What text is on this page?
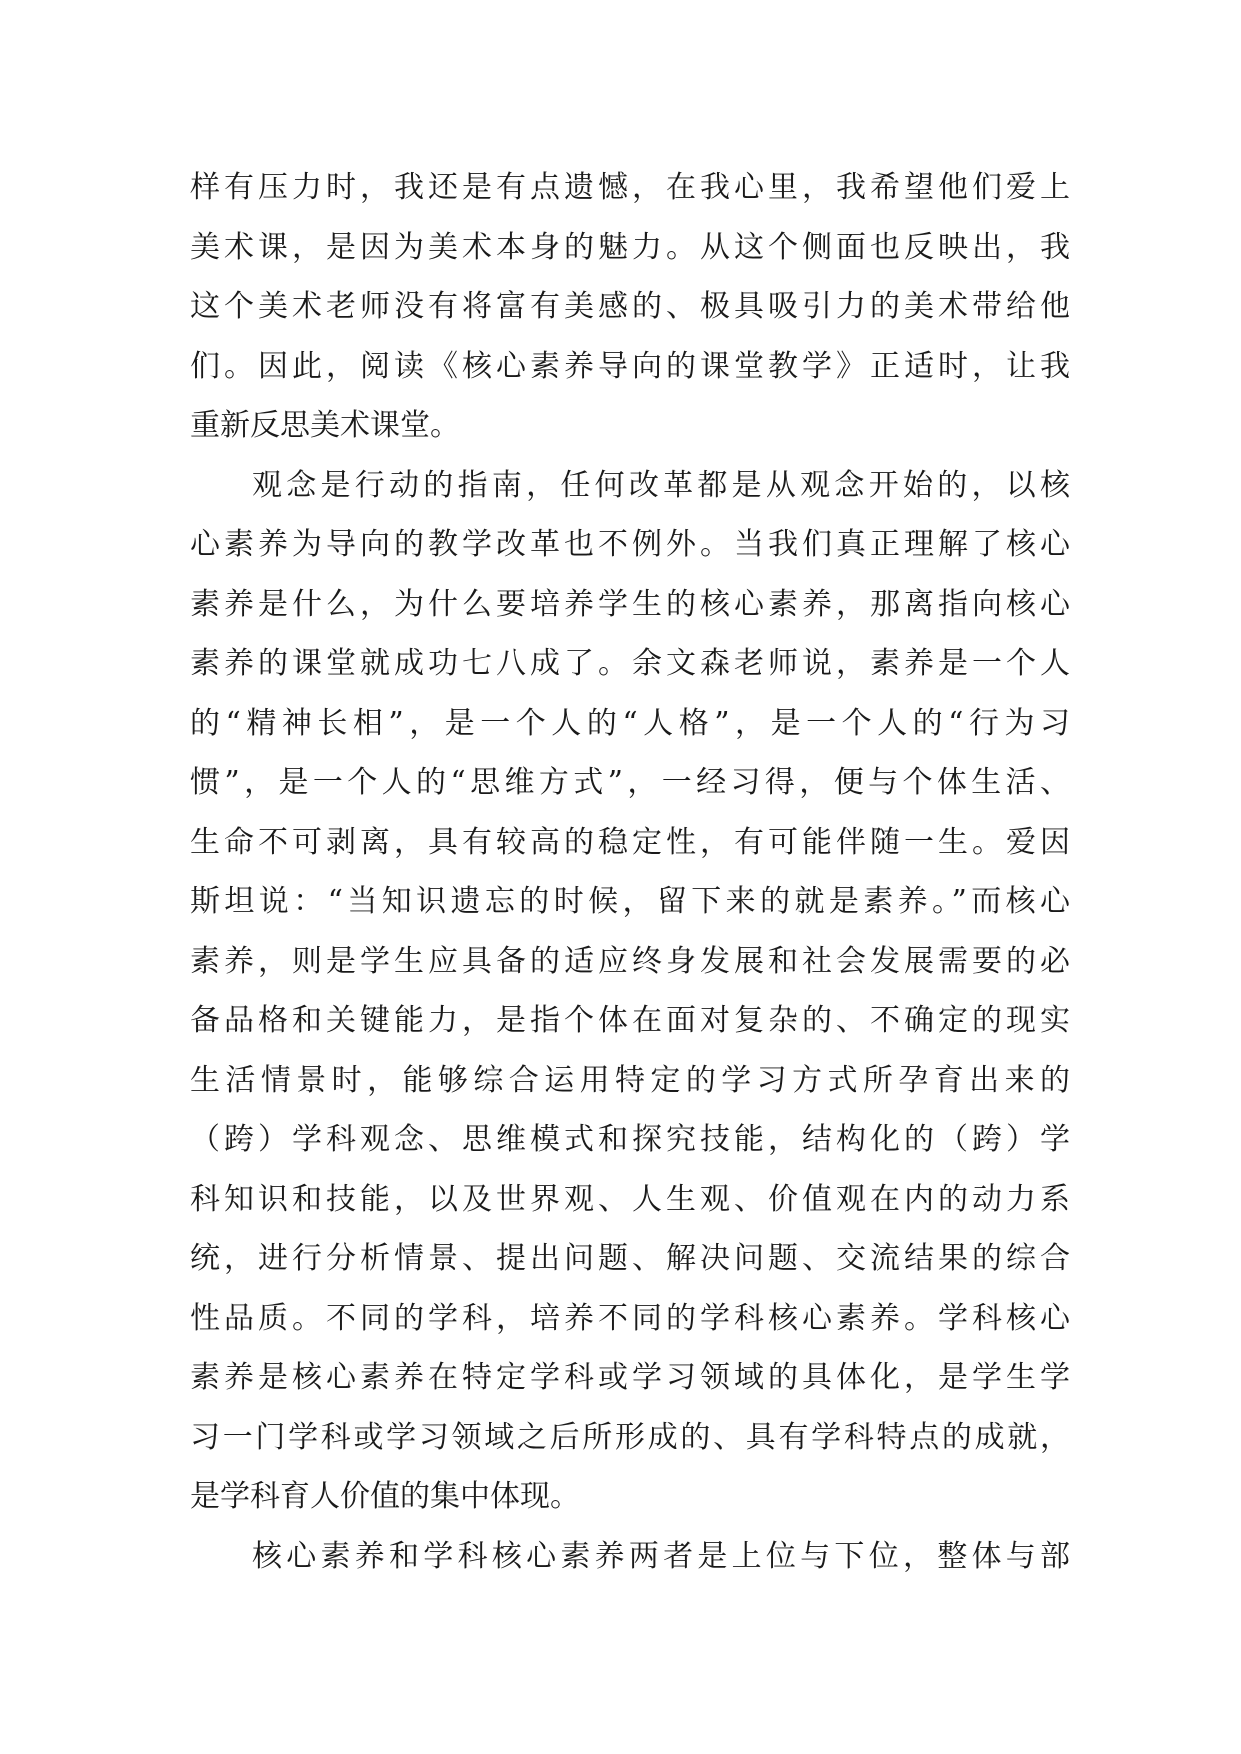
样有压力时，我还是有点遗憾，在我心里，我希望他们爱上
美术课，是因为美术本身的魅力。从这个侧面也反映出，我
这个美术老师没有将富有美感的、极具吸引力的美术带给他
们。因此，阅读《核心素养导向的课堂教学》正适时，让我
重新反思美术课堂。
观念是行动的指南，任何改革都是从观念开始的，以核
心素养为导向的教学改革也不例外。当我们真正理解了核心
素养是什么，为什么要培养学生的核心素养，那离指向核心
素养的课堂就成功七八成了。余文森老师说，素养是一个人
的“精神长相”，是一个人的“人格”，是一个人的“行为习
惯”，是一个人的“思维方式”，一经习得，便与个体生活、
生命不可剥离，具有较高的稳定性，有可能伴随一生。爱因
斯坦说：“当知识遗忘的时候，留下来的就是素养。”而核心
素养，则是学生应具备的适应终身发展和社会发展需要的必
备品格和关键能力，是指个体在面对复杂的、不确定的现实
生活情景时，能够综合运用特定的学习方式所孕育出来的
（跨）学科观念、思维模式和探究技能，结构化的（跨）学
科知识和技能，以及世界观、人生观、价值观在内的动力系
统，进行分析情景、提出问题、解决问题、交流结果的综合
性品质。不同的学科，培养不同的学科核心素养。学科核心
素养是核心素养在特定学科或学习领域的具体化，是学生学
习一门学科或学习领域之后所形成的、具有学科特点的成就，
是学科育人价值的集中体现。
核心素养和学科核心素养两者是上位与下位，整体与部
